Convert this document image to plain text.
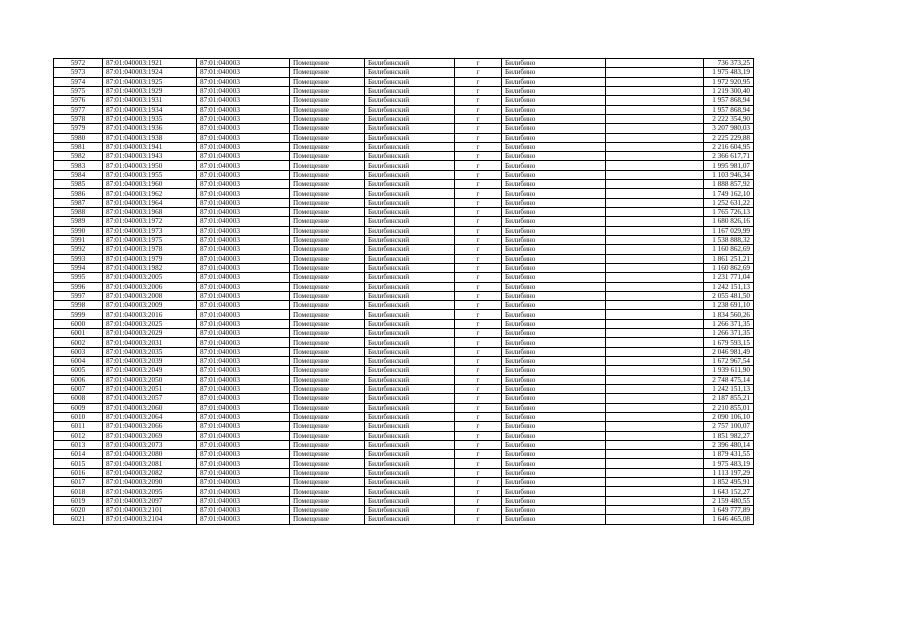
5972	87:01:040003:1921	87:01:040003	Помещение	Билибинский	г	Билибино		736 373,25
5973	87:01:040003:1924	87:01:040003	Помещение	Билибинский	г	Билибино		1 975 483,19
5974	87:01:040003:1925	87:01:040003	Помещение	Билибинский	г	Билибино		1 972 920,95
5975	87:01:040003:1929	87:01:040003	Помещение	Билибинский	г	Билибино		1 219 300,40
5976	87:01:040003:1931	87:01:040003	Помещение	Билибинский	г	Билибино		1 957 868,94
5977	87:01:040003:1934	87:01:040003	Помещение	Билибинский	г	Билибино		1 957 868,94
5978	87:01:040003:1935	87:01:040003	Помещение	Билибинский	г	Билибино		2 222 354,90
5979	87:01:040003:1936	87:01:040003	Помещение	Билибинский	г	Билибино		3 207 980,03
5980	87:01:040003:1938	87:01:040003	Помещение	Билибинский	г	Билибино		2 225 229,88
5981	87:01:040003:1941	87:01:040003	Помещение	Билибинский	г	Билибино		2 216 604,95
5982	87:01:040003:1943	87:01:040003	Помещение	Билибинский	г	Билибино		2 366 617,71
5983	87:01:040003:1950	87:01:040003	Помещение	Билибинский	г	Билибино		1 995 981,07
5984	87:01:040003:1955	87:01:040003	Помещение	Билибинский	г	Билибино		1 103 946,34
5985	87:01:040003:1960	87:01:040003	Помещение	Билибинский	г	Билибино		1 888 857,92
5986	87:01:040003:1962	87:01:040003	Помещение	Билибинский	г	Билибино		1 749 162,10
5987	87:01:040003:1964	87:01:040003	Помещение	Билибинский	г	Билибино		1 252 631,22
5988	87:01:040003:1968	87:01:040003	Помещение	Билибинский	г	Билибино		1 765 726,13
5989	87:01:040003:1972	87:01:040003	Помещение	Билибинский	г	Билибино		1 680 826,16
5990	87:01:040003:1973	87:01:040003	Помещение	Билибинский	г	Билибино		1 167 029,99
5991	87:01:040003:1975	87:01:040003	Помещение	Билибинский	г	Билибино		1 538 888,32
5992	87:01:040003:1978	87:01:040003	Помещение	Билибинский	г	Билибино		1 160 862,69
5993	87:01:040003:1979	87:01:040003	Помещение	Билибинский	г	Билибино		1 861 251,21
5994	87:01:040003:1982	87:01:040003	Помещение	Билибинский	г	Билибино		1 160 862,69
5995	87:01:040003:2005	87:01:040003	Помещение	Билибинский	г	Билибино		1 231 771,04
5996	87:01:040003:2006	87:01:040003	Помещение	Билибинский	г	Билибино		1 242 151,13
5997	87:01:040003:2008	87:01:040003	Помещение	Билибинский	г	Билибино		2 055 481,50
5998	87:01:040003:2009	87:01:040003	Помещение	Билибинский	г	Билибино		1 238 691,10
5999	87:01:040003:2016	87:01:040003	Помещение	Билибинский	г	Билибино		1 834 560,26
6000	87:01:040003:2025	87:01:040003	Помещение	Билибинский	г	Билибино		1 266 371,35
6001	87:01:040003:2029	87:01:040003	Помещение	Билибинский	г	Билибино		1 266 371,35
6002	87:01:040003:2031	87:01:040003	Помещение	Билибинский	г	Билибино		1 679 593,15
6003	87:01:040003:2035	87:01:040003	Помещение	Билибинский	г	Билибино		2 046 981,49
6004	87:01:040003:2039	87:01:040003	Помещение	Билибинский	г	Билибино		1 672 967,54
6005	87:01:040003:2049	87:01:040003	Помещение	Билибинский	г	Билибино		1 939 611,90
6006	87:01:040003:2050	87:01:040003	Помещение	Билибинский	г	Билибино		2 748 475,14
6007	87:01:040003:2051	87:01:040003	Помещение	Билибинский	г	Билибино		1 242 151,13
6008	87:01:040003:2057	87:01:040003	Помещение	Билибинский	г	Билибино		2 187 855,21
6009	87:01:040003:2060	87:01:040003	Помещение	Билибинский	г	Билибино		2 210 855,01
6010	87:01:040003:2064	87:01:040003	Помещение	Билибинский	г	Билибино		2 090 106,10
6011	87:01:040003:2066	87:01:040003	Помещение	Билибинский	г	Билибино		2 757 100,07
6012	87:01:040003:2069	87:01:040003	Помещение	Билибинский	г	Билибино		1 851 982,27
6013	87:01:040003:2073	87:01:040003	Помещение	Билибинский	г	Билибино		2 396 480,14
6014	87:01:040003:2080	87:01:040003	Помещение	Билибинский	г	Билибино		1 879 431,55
6015	87:01:040003:2081	87:01:040003	Помещение	Билибинский	г	Билибино		1 975 483,19
6016	87:01:040003:2082	87:01:040003	Помещение	Билибинский	г	Билибино		1 113 197,29
6017	87:01:040003:2090	87:01:040003	Помещение	Билибинский	г	Билибино		1 852 495,91
6018	87:01:040003:2095	87:01:040003	Помещение	Билибинский	г	Билибино		1 643 152,27
6019	87:01:040003:2097	87:01:040003	Помещение	Билибинский	г	Билибино		2 159 480,55
6020	87:01:040003:2101	87:01:040003	Помещение	Билибинский	г	Билибино		1 649 777,89
6021	87:01:040003:2104	87:01:040003	Помещение	Билибинский	г	Билибино		1 646 465,08
